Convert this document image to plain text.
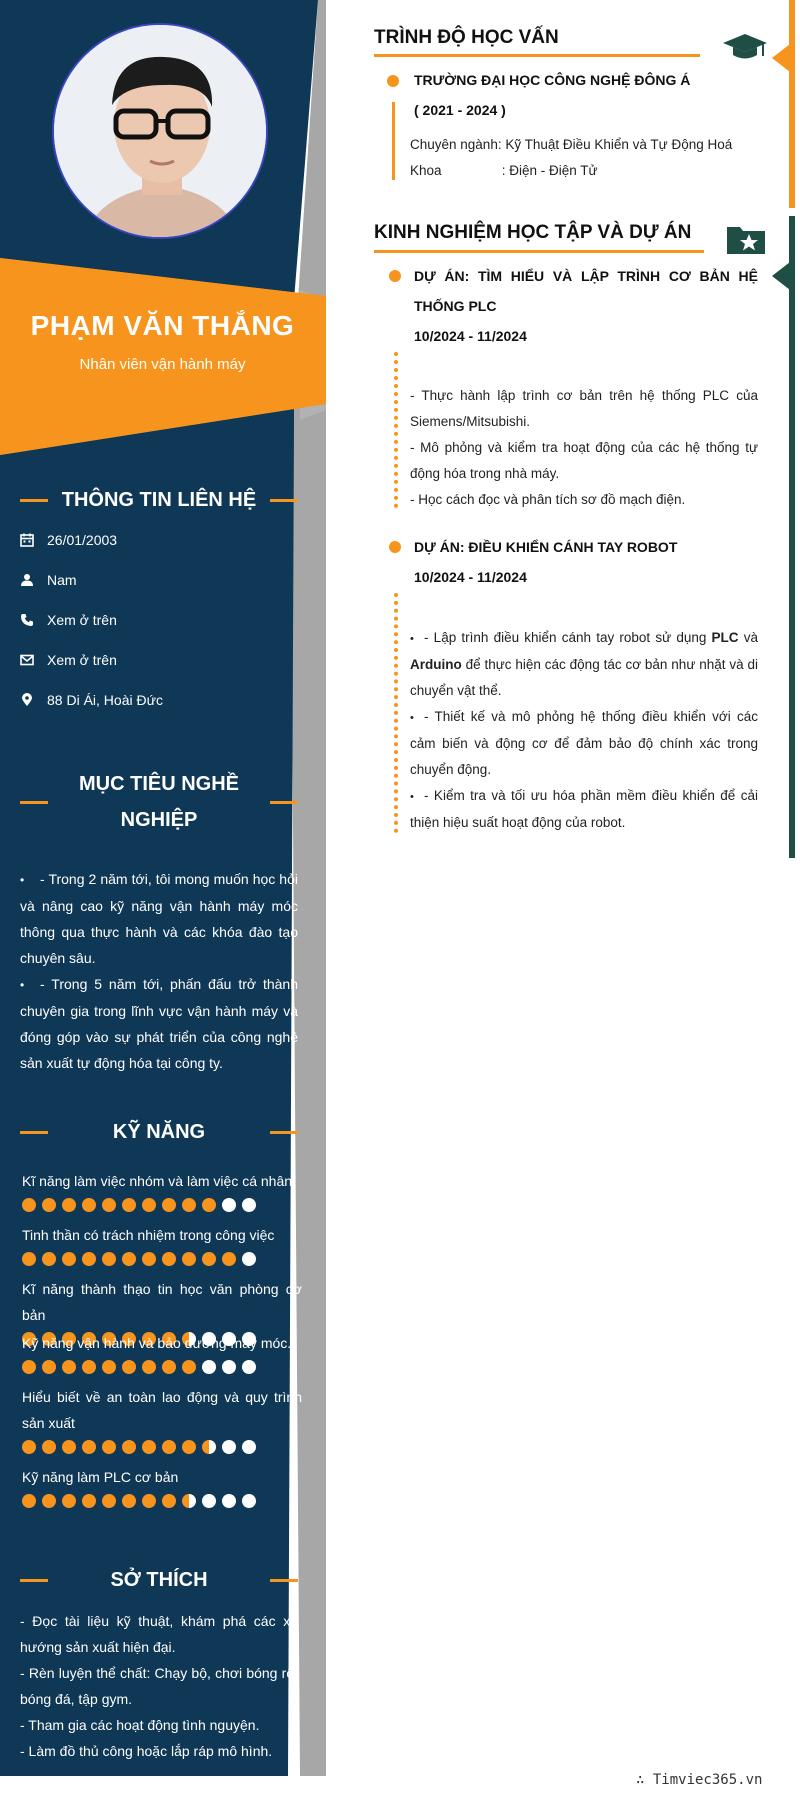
PHẠM VĂN THẮNG
Nhân viên vận hành máy
THÔNG TIN LIÊN HỆ
26/01/2003
Nam
Xem ở trên
Xem ở trên
88 Di Ái, Hoài Đức
MỤC TIÊU NGHỀ
NGHIỆP
• - Trong 2 năm tới, tôi mong muốn học hỏi và nâng cao kỹ năng vận hành máy móc thông qua thực hành và các khóa đào tạo chuyên sâu.
• - Trong 5 năm tới, phấn đấu trở thành chuyên gia trong lĩnh vực vận hành máy và đóng góp vào sự phát triển của công nghệ sản xuất tự động hóa tại công ty.
KỸ NĂNG
Kĩ năng làm việc nhóm và làm việc cá nhân
Tinh thần có trách nhiệm trong công việc
Kĩ năng thành thạo tin học văn phòng cơ bản
Kỹ năng vận hành và bảo dưỡng máy móc.
Hiểu biết về an toàn lao động và quy trình sản xuất
Kỹ năng làm PLC cơ bản
SỞ THÍCH
- Đọc tài liệu kỹ thuật, khám phá các xu hướng sản xuất hiện đại.
- Rèn luyện thể chất: Chạy bộ, chơi bóng rổ, bóng đá, tập gym.
- Tham gia các hoạt động tình nguyện.
- Làm đồ thủ công hoặc lắp ráp mô hình.
TRÌNH ĐỘ HỌC VẤN
TRƯỜNG ĐẠI HỌC CÔNG NGHỆ ĐÔNG Á
( 2021 - 2024 )
Chuyên ngành: Kỹ Thuật Điều Khiển và Tự Động Hoá
Khoa	: Điện - Điện Tử
KINH NGHIỆM HỌC TẬP VÀ DỰ ÁN
DỰ ÁN: TÌM HIỂU VÀ LẬP TRÌNH CƠ BẢN HỆ THỐNG PLC
10/2024 - 11/2024
- Thực hành lập trình cơ bản trên hệ thống PLC của Siemens/Mitsubishi.
- Mô phỏng và kiểm tra hoạt động của các hệ thống tự động hóa trong nhà máy.
- Học cách đọc và phân tích sơ đồ mạch điện.
DỰ ÁN: ĐIỀU KHIỂN CÁNH TAY ROBOT
10/2024 - 11/2024
• - Lập trình điều khiển cánh tay robot sử dụng PLC và Arduino để thực hiện các động tác cơ bản như nhặt và di chuyển vật thể.
• - Thiết kế và mô phỏng hệ thống điều khiển với các cảm biến và động cơ để đảm bảo độ chính xác trong chuyển động.
• - Kiểm tra và tối ưu hóa phần mềm điều khiển để cải thiện hiệu suất hoạt động của robot.
∴ Timviec365.vn
